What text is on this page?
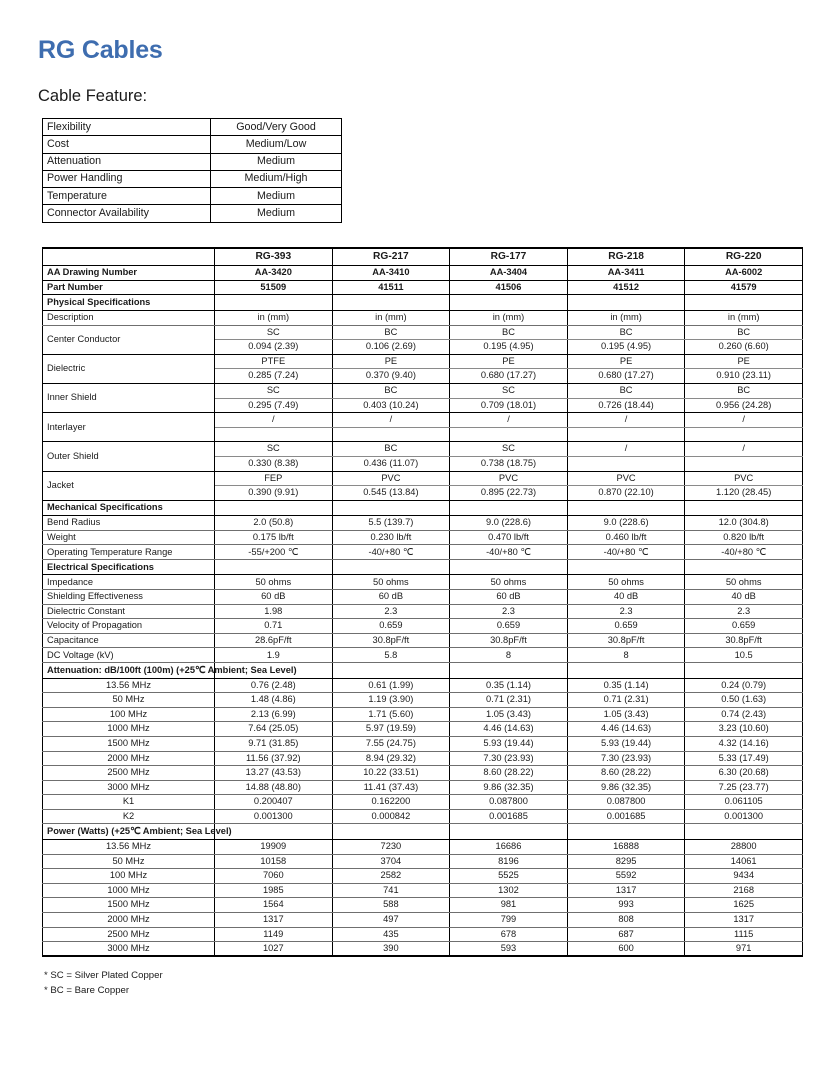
RG Cables
Cable Feature:
Flexibility	Good/Very Good
Cost	Medium/Low
Attenuation	Medium
Power Handling	Medium/High
Temperature	Medium
Connector Availability	Medium
	RG-393	RG-217	RG-177	RG-218	RG-220
AA Drawing Number	AA-3420	AA-3410	AA-3404	AA-3411	AA-6002
Part Number	51509	41511	41506	41512	41579
Physical Specifications					
Description	in (mm)	in (mm)	in (mm)	in (mm)	in (mm)
Center Conductor	SC	BC	BC	BC	BC
	0.094 (2.39)	0.106 (2.69)	0.195 (4.95)	0.195 (4.95)	0.260 (6.60)
Dielectric	PTFE	PE	PE	PE	PE
	0.285 (7.24)	0.370 (9.40)	0.680 (17.27)	0.680 (17.27)	0.910 (23.11)
Inner Shield	SC	BC	SC	BC	BC
	0.295 (7.49)	0.403 (10.24)	0.709 (18.01)	0.726 (18.44)	0.956 (24.28)
Interlayer	/	/	/	/	/

Outer Shield	SC	BC	SC	/	/
	0.330 (8.38)	0.436 (11.07)	0.738 (18.75)		
Jacket	FEP	PVC	PVC	PVC	PVC
	0.390 (9.91)	0.545 (13.84)	0.895 (22.73)	0.870 (22.10)	1.120 (28.45)
Mechanical Specifications					
Bend Radius	2.0 (50.8)	5.5 (139.7)	9.0 (228.6)	9.0 (228.6)	12.0 (304.8)
Weight	0.175 lb/ft	0.230 lb/ft	0.470 lb/ft	0.460 lb/ft	0.820 lb/ft
Operating Temperature Range	-55/+200 ℃	-40/+80 ℃	-40/+80 ℃	-40/+80 ℃	-40/+80 ℃
Electrical Specifications					
Impedance	50 ohms	50 ohms	50 ohms	50 ohms	50 ohms
Shielding Effectiveness	60 dB	60 dB	60 dB	40 dB	40 dB
Dielectric Constant	1.98	2.3	2.3	2.3	2.3
Velocity of Propagation	0.71	0.659	0.659	0.659	0.659
Capacitance	28.6pF/ft	30.8pF/ft	30.8pF/ft	30.8pF/ft	30.8pF/ft
DC Voltage (kV)	1.9	5.8	8	8	10.5
Attenuation: dB/100ft (100m) (+25℃ Ambient; Sea Level)					
13.56 MHz	0.76 (2.48)	0.61 (1.99)	0.35 (1.14)	0.35 (1.14)	0.24 (0.79)
50 MHz	1.48 (4.86)	1.19 (3.90)	0.71 (2.31)	0.71 (2.31)	0.50 (1.63)
100 MHz	2.13 (6.99)	1.71 (5.60)	1.05 (3.43)	1.05 (3.43)	0.74 (2.43)
1000 MHz	7.64 (25.05)	5.97 (19.59)	4.46 (14.63)	4.46 (14.63)	3.23 (10.60)
1500 MHz	9.71 (31.85)	7.55 (24.75)	5.93 (19.44)	5.93 (19.44)	4.32 (14.16)
2000 MHz	11.56 (37.92)	8.94 (29.32)	7.30 (23.93)	7.30 (23.93)	5.33 (17.49)
2500 MHz	13.27 (43.53)	10.22 (33.51)	8.60 (28.22)	8.60 (28.22)	6.30 (20.68)
3000 MHz	14.88 (48.80)	11.41 (37.43)	9.86 (32.35)	9.86 (32.35)	7.25 (23.77)
K1	0.200407	0.162200	0.087800	0.087800	0.061105
K2	0.001300	0.000842	0.001685	0.001685	0.001300
Power (Watts) (+25℃ Ambient; Sea Level)					
13.56 MHz	19909	7230	16686	16888	28800
50 MHz	10158	3704	8196	8295	14061
100 MHz	7060	2582	5525	5592	9434
1000 MHz	1985	741	1302	1317	2168
1500 MHz	1564	588	981	993	1625
2000 MHz	1317	497	799	808	1317
2500 MHz	1149	435	678	687	1115
3000 MHz	1027	390	593	600	971
* SC = Silver Plated Copper
* BC = Bare Copper
